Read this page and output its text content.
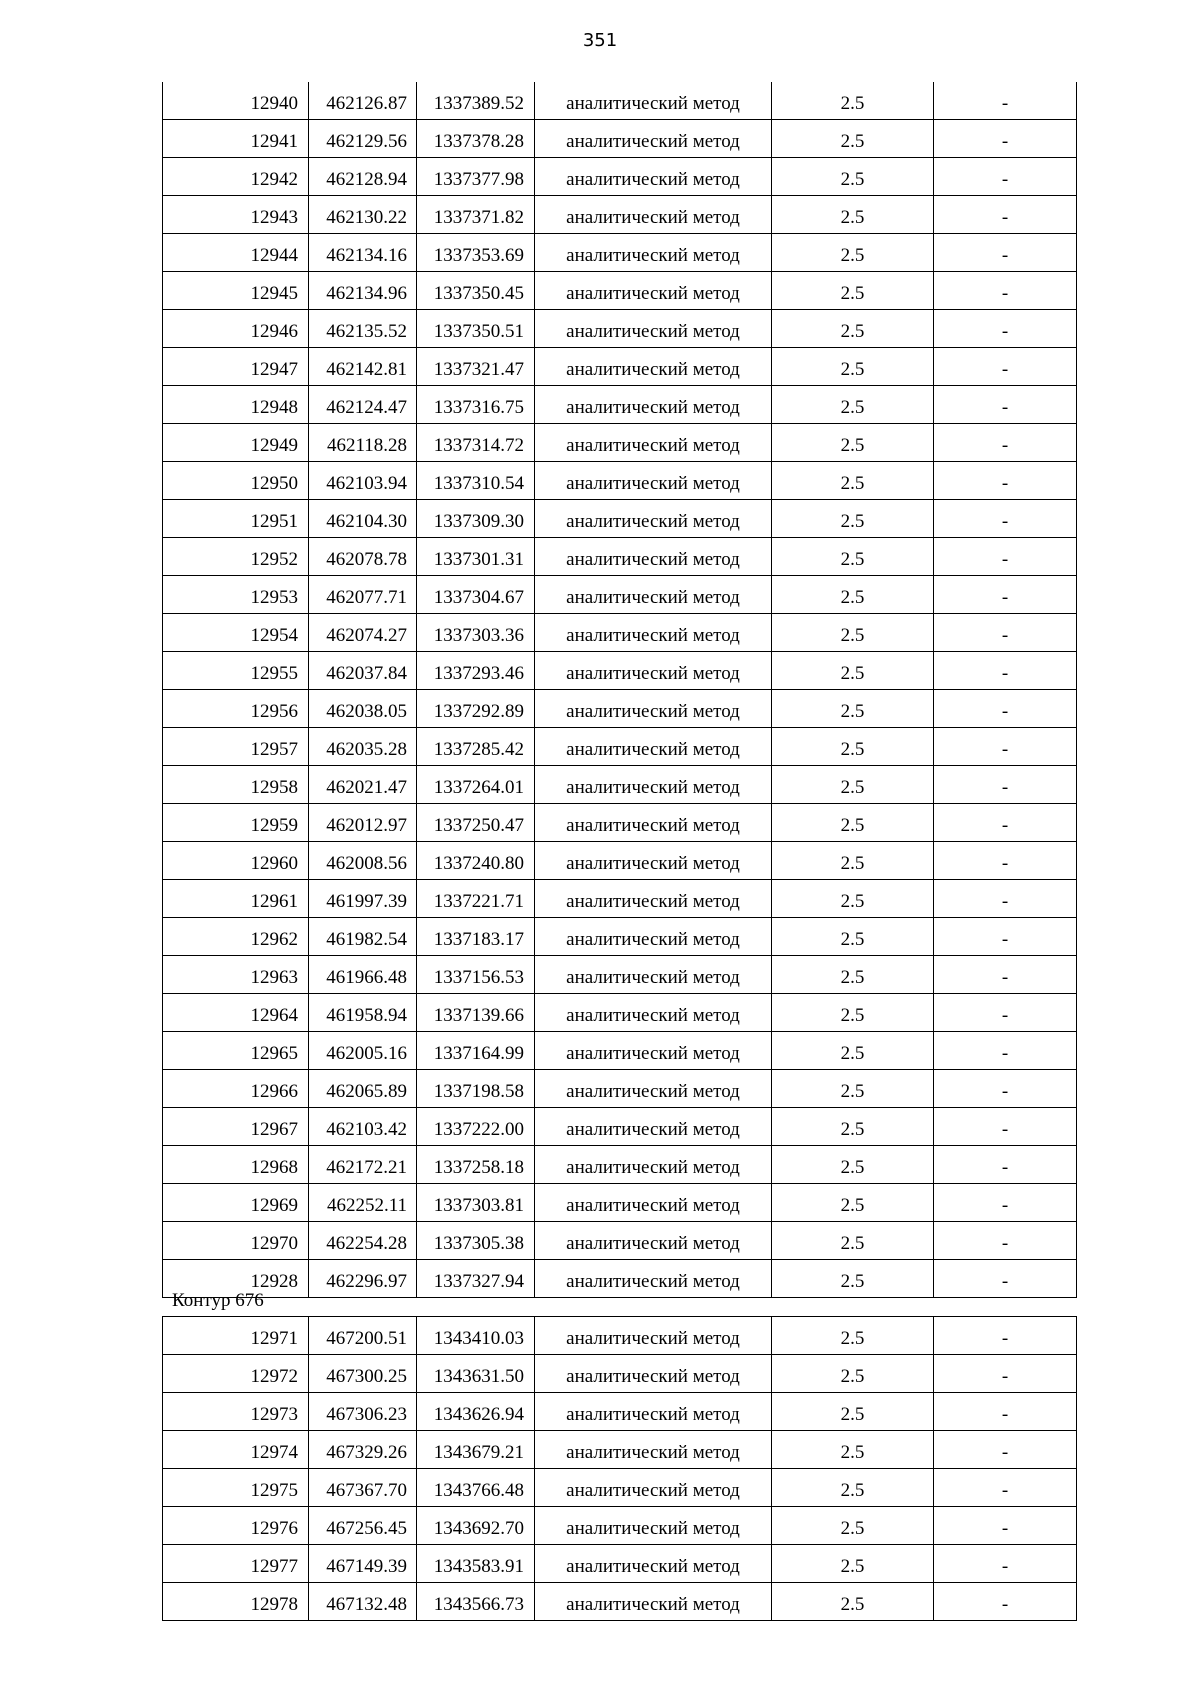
351
12940	462126.87	1337389.52	аналитический метод	2.5	-
12941	462129.56	1337378.28	аналитический метод	2.5	-
12942	462128.94	1337377.98	аналитический метод	2.5	-
12943	462130.22	1337371.82	аналитический метод	2.5	-
12944	462134.16	1337353.69	аналитический метод	2.5	-
12945	462134.96	1337350.45	аналитический метод	2.5	-
12946	462135.52	1337350.51	аналитический метод	2.5	-
12947	462142.81	1337321.47	аналитический метод	2.5	-
12948	462124.47	1337316.75	аналитический метод	2.5	-
12949	462118.28	1337314.72	аналитический метод	2.5	-
12950	462103.94	1337310.54	аналитический метод	2.5	-
12951	462104.30	1337309.30	аналитический метод	2.5	-
12952	462078.78	1337301.31	аналитический метод	2.5	-
12953	462077.71	1337304.67	аналитический метод	2.5	-
12954	462074.27	1337303.36	аналитический метод	2.5	-
12955	462037.84	1337293.46	аналитический метод	2.5	-
12956	462038.05	1337292.89	аналитический метод	2.5	-
12957	462035.28	1337285.42	аналитический метод	2.5	-
12958	462021.47	1337264.01	аналитический метод	2.5	-
12959	462012.97	1337250.47	аналитический метод	2.5	-
12960	462008.56	1337240.80	аналитический метод	2.5	-
12961	461997.39	1337221.71	аналитический метод	2.5	-
12962	461982.54	1337183.17	аналитический метод	2.5	-
12963	461966.48	1337156.53	аналитический метод	2.5	-
12964	461958.94	1337139.66	аналитический метод	2.5	-
12965	462005.16	1337164.99	аналитический метод	2.5	-
12966	462065.89	1337198.58	аналитический метод	2.5	-
12967	462103.42	1337222.00	аналитический метод	2.5	-
12968	462172.21	1337258.18	аналитический метод	2.5	-
12969	462252.11	1337303.81	аналитический метод	2.5	-
12970	462254.28	1337305.38	аналитический метод	2.5	-
12928	462296.97	1337327.94	аналитический метод	2.5	-
Контур 676
12971	467200.51	1343410.03	аналитический метод	2.5	-
12972	467300.25	1343631.50	аналитический метод	2.5	-
12973	467306.23	1343626.94	аналитический метод	2.5	-
12974	467329.26	1343679.21	аналитический метод	2.5	-
12975	467367.70	1343766.48	аналитический метод	2.5	-
12976	467256.45	1343692.70	аналитический метод	2.5	-
12977	467149.39	1343583.91	аналитический метод	2.5	-
12978	467132.48	1343566.73	аналитический метод	2.5	-
